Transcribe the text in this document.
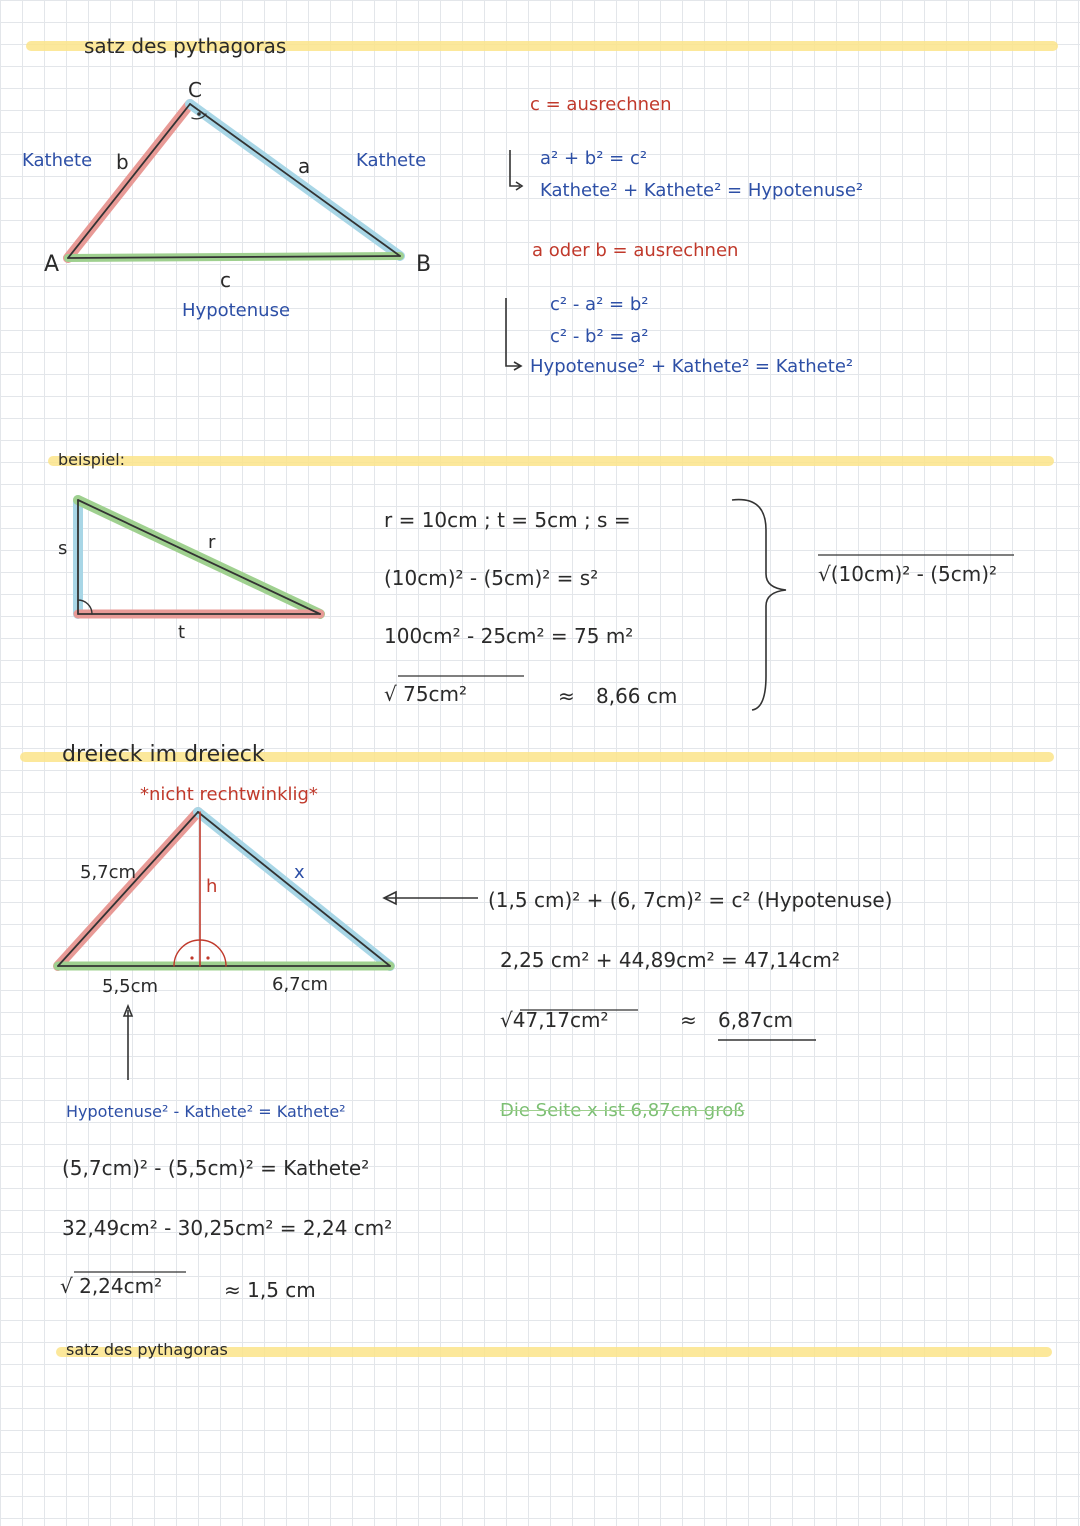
satz des pythagoras
C
A	B
a
b
c
Kathete	Kathete
Hypotenuse
c = ausrechnen
a² + b² = c²
Kathete² + Kathete² = Hypotenuse²
a oder b = ausrechnen
c² - a² = b²
c² - b² = a²
Hypotenuse² + Kathete² = Kathete²
beispiel:
s	r
t
r = 10cm ; t = 5cm ; s =
(10cm)² - (5cm)² = s²
100cm² - 25cm² = 75 m²
√ 75cm²	≈ 8,66 cm
√(10cm)² - (5cm)²
dreieck im dreieck
*nicht rechtwinklig*
5,7cm
h
x
5,5cm	6,7cm
(1,5 cm)² + (6, 7cm)² = c² (Hypotenuse)
2,25 cm² + 44,89cm² = 47,14cm²
√47,17cm²	≈ 6,87cm
Die Seite x ist 6,87cm groß
Hypotenuse² - Kathete² = Kathete²
(5,7cm)² - (5,5cm)² = Kathete²
32,49cm² - 30,25cm² = 2,24 cm²
√ 2,24cm²	≈ 1,5 cm
satz des pythagoras
